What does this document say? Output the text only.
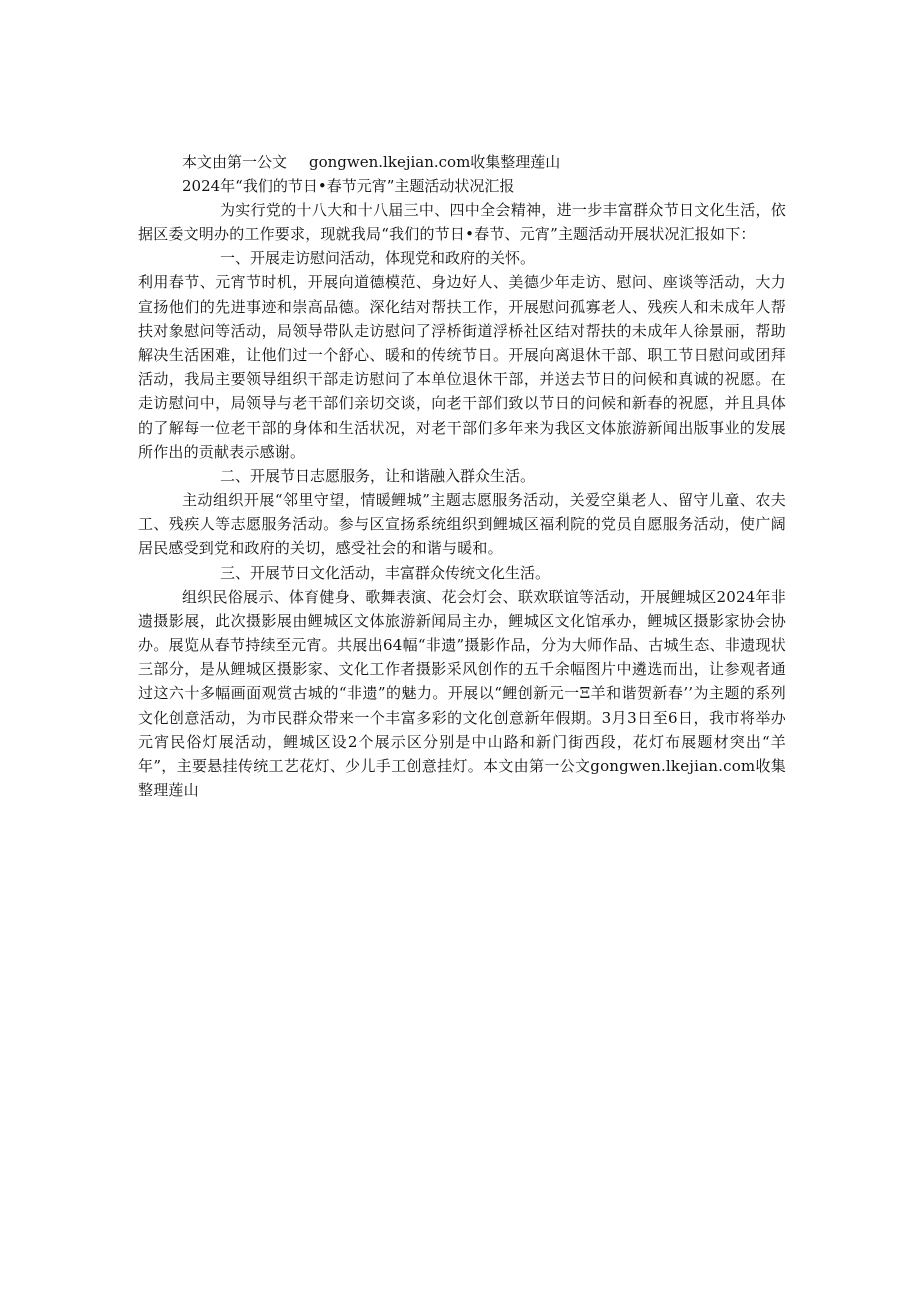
本文由第一公文 gongwen.lkejian.com收集整理莲山

2024年“我们的节日•春节元宵”主题活动状况汇报

为实行党的十八大和十八届三中、四中全会精神，进一步丰富群众节日文化生活，依据区委文明办的工作要求，现就我局“我们的节日•春节、元宵”主题活动开展状况汇报如下：

一、开展走访慰问活动，体现党和政府的关怀。

利用春节、元宵节时机，开展向道德模范、身边好人、美德少年走访、慰问、座谈等活动，大力宣扬他们的先进事迹和崇高品德。深化结对帮扶工作，开展慰问孤寡老人、残疾人和未成年人帮扶对象慰问等活动，局领导带队走访慰问了浮桥街道浮桥社区结对帮扶的未成年人徐景丽，帮助解决生活困难，让他们过一个舒心、暖和的传统节日。开展向离退休干部、职工节日慰问或团拜活动，我局主要领导组织干部走访慰问了本单位退休干部，并送去节日的问候和真诚的祝愿。在走访慰问中，局领导与老干部们亲切交谈，向老干部们致以节日的问候和新春的祝愿，并且具体的了解每一位老干部的身体和生活状况，对老干部们多年来为我区文体旅游新闻出版事业的发展所作出的贡献表示感谢。

二、开展节日志愿服务，让和谐融入群众生活。

主动组织开展“邻里守望，情暖鲤城”主题志愿服务活动，关爱空巢老人、留守儿童、农夫工、残疾人等志愿服务活动。参与区宣扬系统组织到鲤城区福利院的党员自愿服务活动，使广阔居民感受到党和政府的关切，感受社会的和谐与暖和。

三、开展节日文化活动，丰富群众传统文化生活。

组织民俗展示、体育健身、歌舞表演、花会灯会、联欢联谊等活动，开展鲤城区2024年非遗摄影展，此次摄影展由鲤城区文体旅游新闻局主办，鲤城区文化馆承办，鲤城区摄影家协会协办。展览从春节持续至元宵。共展出64幅“非遗”摄影作品，分为大师作品、古城生态、非遗现状三部分，是从鲤城区摄影家、文化工作者摄影采风创作的五千余幅图片中遴选而出，让参观者通过这六十多幅画面观赏古城的“非遗”的魅力。开展以“鲤创新元一Ξ羊和谐贺新春’’为主题的系列文化创意活动，为市民群众带来一个丰富多彩的文化创意新年假期。3月3日至6日，我市将举办元宵民俗灯展活动，鲤城区设2个展示区分别是中山路和新门街西段，花灯布展题材突出“羊年”，主要悬挂传统工艺花灯、少儿手工创意挂灯。本文由第一公文gongwen.lkejian.com收集整理莲山
